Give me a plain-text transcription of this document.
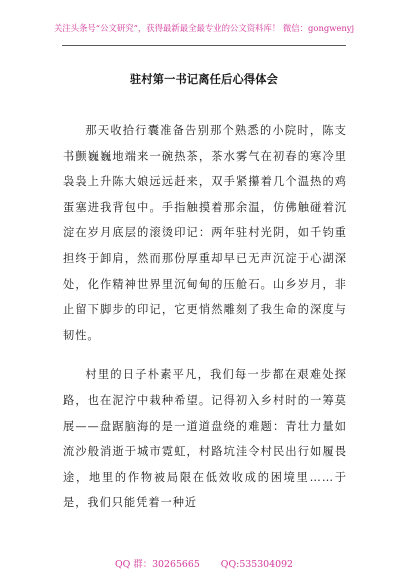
关注头条号“公文研究”，获得最新最全最专业的公文资料库！ 微信：gongwenyj
驻村第一书记离任后心得体会

那天收拾行囊准备告别那个熟悉的小院时，陈支书颤巍巍地端来一碗热茶，茶水雾气在初春的寒冷里袅袅上升陈大娘远远赶来，双手紧攥着几个温热的鸡蛋塞进我背包中。手指触摸着那余温，仿佛触碰着沉淀在岁月底层的滚烫印记：两年驻村光阴，如千钧重担终于卸肩，然而那份厚重却早已无声沉淀于心湖深处，化作精神世界里沉甸甸的压舱石。山乡岁月，非止留下脚步的印记，它更悄然雕刻了我生命的深度与韧性。

村里的日子朴素平凡，我们每一步都在艰难处探路，也在泥泞中栽种希望。记得初入乡村时的一筹莫展——盘踞脑海的是一道道盘绕的难题：青壮力量如流沙般消逝于城市霓虹，村路坑洼令村民出行如履畏途，地里的作物被局限在低效收成的困境里……于是，我们只能凭着一种近

QQ 群：30265665 QQ:535304092
